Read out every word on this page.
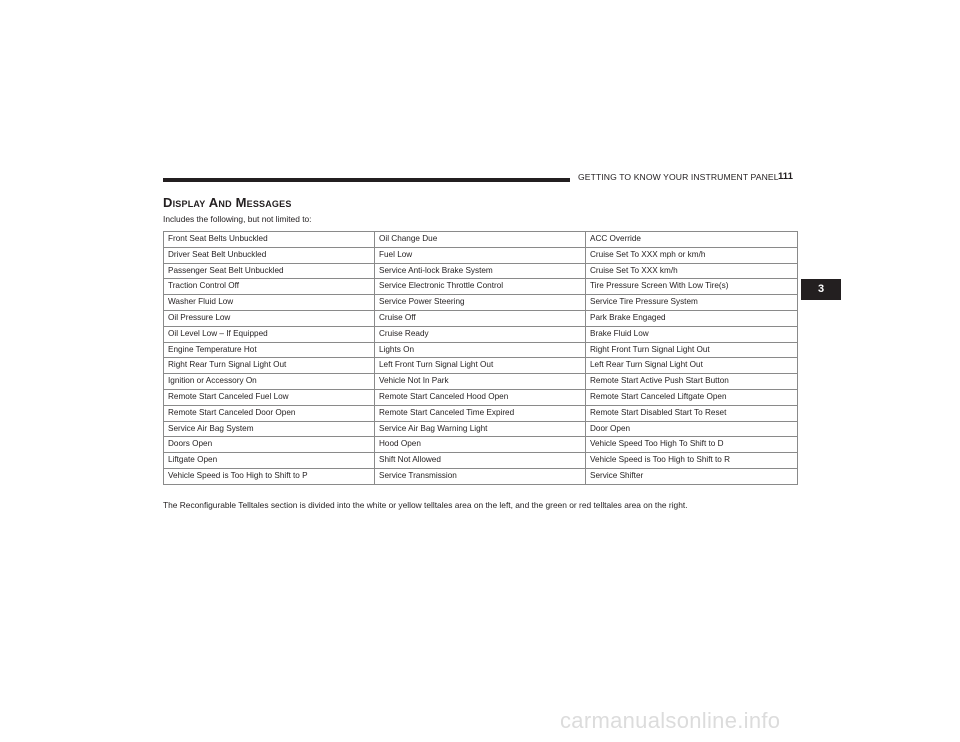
GETTING TO KNOW YOUR INSTRUMENT PANEL 111
Display And Messages
Includes the following, but not limited to:
Front Seat Belts Unbuckled	Oil Change Due	ACC Override
Driver Seat Belt Unbuckled	Fuel Low	Cruise Set To XXX mph or km/h
Passenger Seat Belt Unbuckled	Service Anti-lock Brake System	Cruise Set To XXX km/h
Traction Control Off	Service Electronic Throttle Control	Tire Pressure Screen With Low Tire(s)
Washer Fluid Low	Service Power Steering	Service Tire Pressure System
Oil Pressure Low	Cruise Off	Park Brake Engaged
Oil Level Low – If Equipped	Cruise Ready	Brake Fluid Low
Engine Temperature Hot	Lights On	Right Front Turn Signal Light Out
Right Rear Turn Signal Light Out	Left Front Turn Signal Light Out	Left Rear Turn Signal Light Out
Ignition or Accessory On	Vehicle Not In Park	Remote Start Active Push Start Button
Remote Start Canceled Fuel Low	Remote Start Canceled Hood Open	Remote Start Canceled Liftgate Open
Remote Start Canceled Door Open	Remote Start Canceled Time Expired	Remote Start Disabled Start To Reset
Service Air Bag System	Service Air Bag Warning Light	Door Open
Doors Open	Hood Open	Vehicle Speed Too High To Shift to D
Liftgate Open	Shift Not Allowed	Vehicle Speed is Too High to Shift to R
Vehicle Speed is Too High to Shift to P	Service Transmission	Service Shifter
The Reconfigurable Telltales section is divided into the white or yellow telltales area on the left, and the green or red telltales area on the right.
3
carmanualsonline.info
